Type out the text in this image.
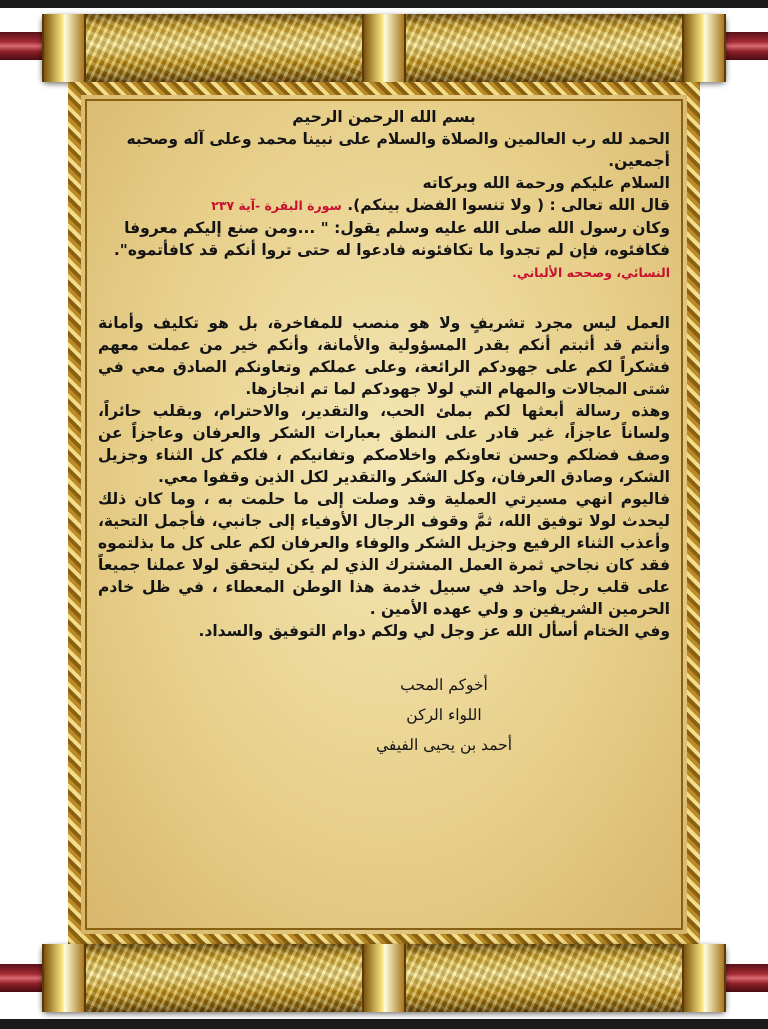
بسم الله الرحمن الرحيم
الحمد لله رب العالمين والصلاة والسلام على نبينا محمد وعلى آله وصحبه أجمعين.
السلام عليكم ورحمة الله وبركاته
قال الله تعالى : ( ولا تنسوا الفضل بينكم). سورة البقرة -آية ٢٣٧
وكان رسول الله صلى الله عليه وسلم يقول: " ...ومن صنع إليكم معروفا فكافئوه، فإن لم تجدوا ما تكافئونه فادعوا له حتى تروا أنكم قد كافأتموه". النسائي، وصححه الألباني.
العمل ليس مجرد تشريفٍ ولا هو منصب للمفاخرة، بل هو تكليف وأمانة وأنتم قد أثبتم أنكم بقدر المسؤولية والأمانة، وأنكم خير من عملت معهم فشكراً لكم على جهودكم الرائعة، وعلى عملكم وتعاونكم الصادق معي في شتى المجالات والمهام التي لولا جهودكم لما تم انجازها.
وهذه رسالة أبعثها لكم بملئ الحب، والتقدير، والاحترام، وبقلب حائراً، ولساناً عاجزاً، غير قادر على النطق بعبارات الشكر والعرفان وعاجزاً عن وصف فضلكم وحسن تعاونكم واخلاصكم وتفانيكم ، فلكم كل الثناء وجزيل الشكر، وصادق العرفان، وكل الشكر والتقدير لكل الذين وقفوا معي.
فاليوم انهي مسيرتي العملية وقد وصلت إلى ما حلمت به ، وما كان ذلك ليحدث لولا توفيق الله، ثمَّ وقوف الرجال الأوفياء إلى جانبي، فأجمل التحية، وأعذب الثناء الرفيع وجزيل الشكر والوفاء والعرفان لكم على كل ما بذلتموه فقد كان نجاحي ثمرة العمل المشترك الذي لم يكن ليتحقق لولا عملنا جميعاً على قلب رجل واحد في سبيل خدمة هذا الوطن المعطاء ، في ظل خادم الحرمين الشريفين و ولي عهده الأمين .
وفي الختام أسأل الله عز وجل لي ولكم دوام التوفيق والسداد.
أخوكم المحب
اللواء الركن
أحمد بن يحيى الفيفي
